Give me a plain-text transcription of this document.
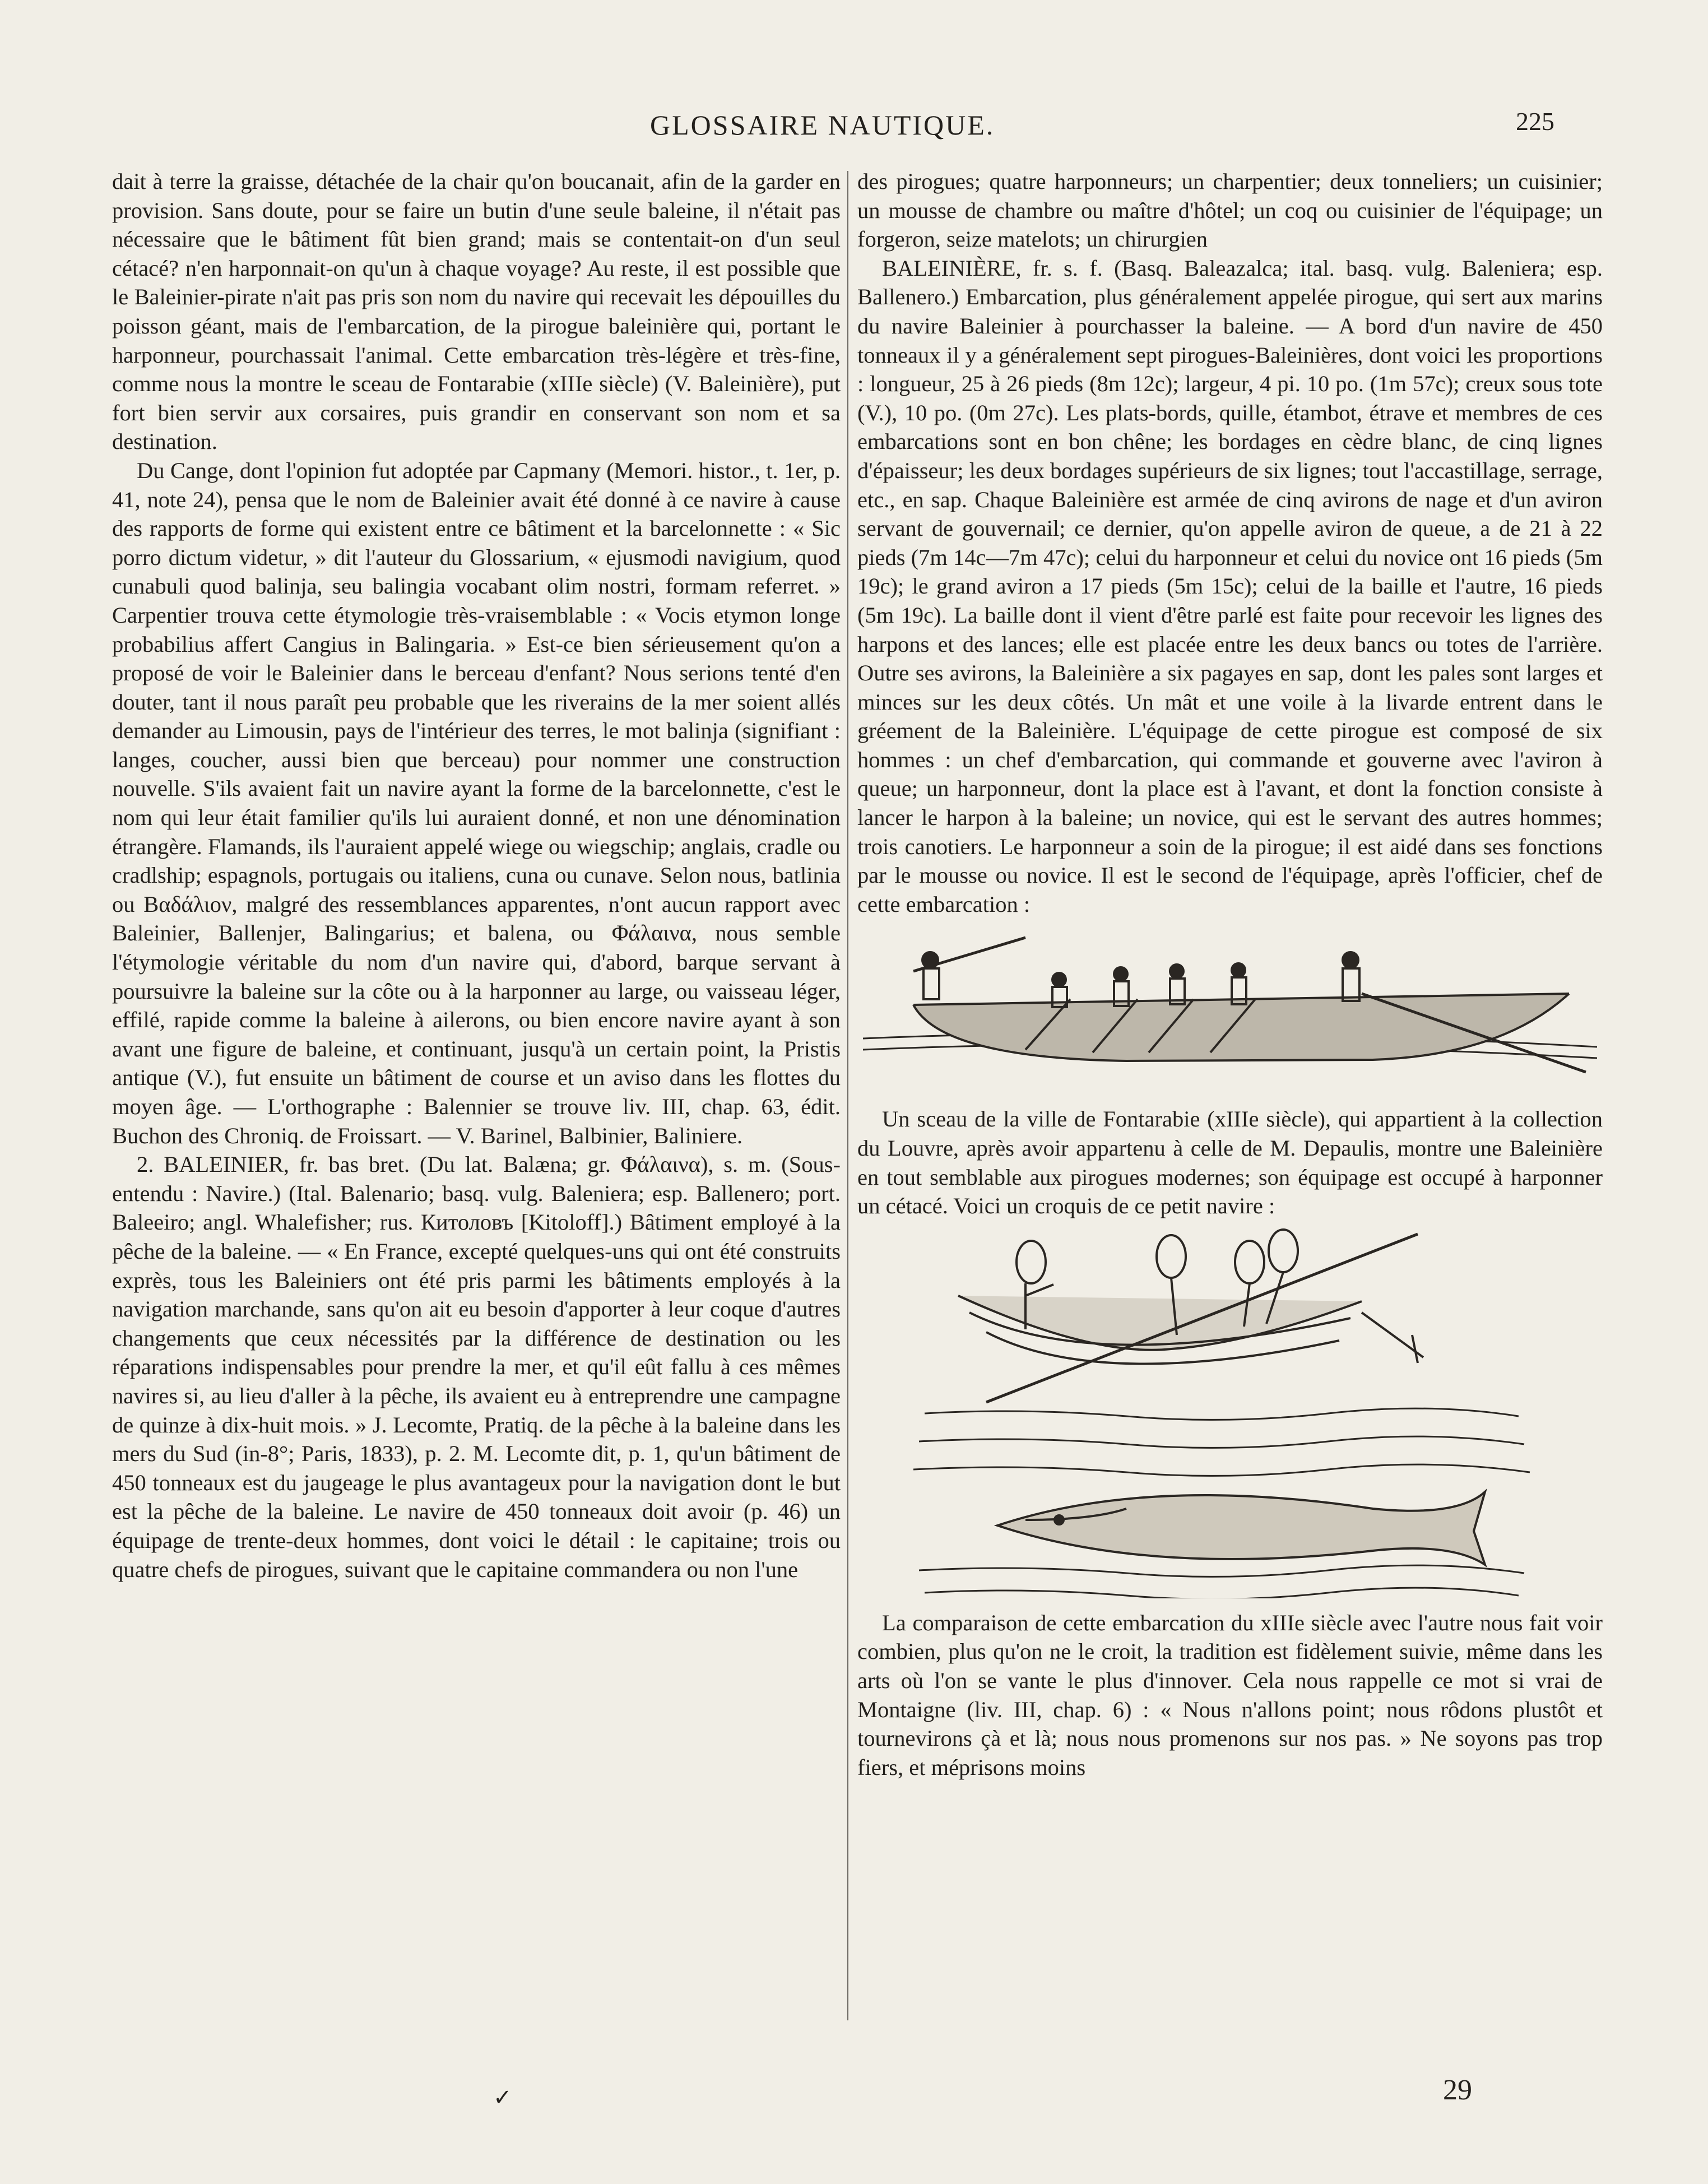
GLOSSAIRE NAUTIQUE.	225

dait à terre la graisse, détachée de la chair qu'on boucanait, afin de la garder en provision. Sans doute, pour se faire un butin d'une seule baleine, il n'était pas nécessaire que le bâtiment fût bien grand; mais se contentait-on d'un seul cétacé? n'en harponnait-on qu'un à chaque voyage? Au reste, il est possible que le Baleinier-pirate n'ait pas pris son nom du navire qui recevait les dépouilles du poisson géant, mais de l'embarcation, de la pirogue baleinière qui, portant le harponneur, pourchassait l'animal. Cette embarcation très-légère et très-fine, comme nous la montre le sceau de Fontarabie (xIIIe siècle) (V. Baleinière), put fort bien servir aux corsaires, puis grandir en conservant son nom et sa destination.

Du Cange, dont l'opinion fut adoptée par Capmany (Memori. histor., t. 1er, p. 41, note 24), pensa que le nom de Baleinier avait été donné à ce navire à cause des rapports de forme qui existent entre ce bâtiment et la barcelonnette : « Sic porro dictum videtur, » dit l'auteur du Glossarium, « ejusmodi navigium, quod cunabuli quod balinja, seu balingia vocabant olim nostri, formam referret. » Carpentier trouva cette étymologie très-vraisemblable : « Vocis etymon longe probabilius affert Cangius in Balingaria. » Est-ce bien sérieusement qu'on a proposé de voir le Baleinier dans le berceau d'enfant? Nous serions tenté d'en douter, tant il nous paraît peu probable que les riverains de la mer soient allés demander au Limousin, pays de l'intérieur des terres, le mot balinja (signifiant : langes, coucher, aussi bien que berceau) pour nommer une construction nouvelle. S'ils avaient fait un navire ayant la forme de la barcelonnette, c'est le nom qui leur était familier qu'ils lui auraient donné, et non une dénomination étrangère. Flamands, ils l'auraient appelé wiege ou wiegschip; anglais, cradle ou cradlship; espagnols, portugais ou italiens, cuna ou cunave. Selon nous, batlinia ou Βαδάλιον, malgré des ressemblances apparentes, n'ont aucun rapport avec Baleinier, Ballenjer, Balingarius; et balena, ou Φάλαινα, nous semble l'étymologie véritable du nom d'un navire qui, d'abord, barque servant à poursuivre la baleine sur la côte ou à la harponner au large, ou vaisseau léger, effilé, rapide comme la baleine à ailerons, ou bien encore navire ayant à son avant une figure de baleine, et continuant, jusqu'à un certain point, la Pristis antique (V.), fut ensuite un bâtiment de course et un aviso dans les flottes du moyen âge. — L'orthographe : Balennier se trouve liv. III, chap. 63, édit. Buchon des Chroniq. de Froissart. — V. Barinel, Balbinier, Baliniere.

2. BALEINIER, fr. bas bret. (Du lat. Balæna; gr. Φάλαινα), s. m. (Sous-entendu : Navire.) (Ital. Balenario; basq. vulg. Baleniera; esp. Ballenero; port. Baleeiro; angl. Whalefisher; rus. Китоловъ [Kitoloff].) Bâtiment employé à la pêche de la baleine. — « En France, excepté quelques-uns qui ont été construits exprès, tous les Baleiniers ont été pris parmi les bâtiments employés à la navigation marchande, sans qu'on ait eu besoin d'apporter à leur coque d'autres changements que ceux nécessités par la différence de destination ou les réparations indispensables pour prendre la mer, et qu'il eût fallu à ces mêmes navires si, au lieu d'aller à la pêche, ils avaient eu à entreprendre une campagne de quinze à dix-huit mois. » J. Lecomte, Pratiq. de la pêche à la baleine dans les mers du Sud (in-8°; Paris, 1833), p. 2. M. Lecomte dit, p. 1, qu'un bâtiment de 450 tonneaux est du jaugeage le plus avantageux pour la navigation dont le but est la pêche de la baleine. Le navire de 450 tonneaux doit avoir (p. 46) un équipage de trente-deux hommes, dont voici le détail : le capitaine; trois ou quatre chefs de pirogues, suivant que le capitaine commandera ou non l'une

des pirogues; quatre harponneurs; un charpentier; deux tonneliers; un cuisinier; un mousse de chambre ou maître d'hôtel; un coq ou cuisinier de l'équipage; un forgeron, seize matelots; un chirurgien

BALEINIÈRE, fr. s. f. (Basq. Baleazalca; ital. basq. vulg. Baleniera; esp. Ballenero.) Embarcation, plus généralement appelée pirogue, qui sert aux marins du navire Baleinier à pourchasser la baleine. — A bord d'un navire de 450 tonneaux il y a généralement sept pirogues-Baleinières, dont voici les proportions : longueur, 25 à 26 pieds (8m 12c); largeur, 4 pi. 10 po. (1m 57c); creux sous tote (V.), 10 po. (0m 27c). Les plats-bords, quille, étambot, étrave et membres de ces embarcations sont en bon chêne; les bordages en cèdre blanc, de cinq lignes d'épaisseur; les deux bordages supérieurs de six lignes; tout l'accastillage, serrage, etc., en sap. Chaque Baleinière est armée de cinq avirons de nage et d'un aviron servant de gouvernail; ce dernier, qu'on appelle aviron de queue, a de 21 à 22 pieds (7m 14c—7m 47c); celui du harponneur et celui du novice ont 16 pieds (5m 19c); le grand aviron a 17 pieds (5m 15c); celui de la baille et l'autre, 16 pieds (5m 19c). La baille dont il vient d'être parlé est faite pour recevoir les lignes des harpons et des lances; elle est placée entre les deux bancs ou totes de l'arrière. Outre ses avirons, la Baleinière a six pagayes en sap, dont les pales sont larges et minces sur les deux côtés. Un mât et une voile à la livarde entrent dans le gréement de la Baleinière. L'équipage de cette pirogue est composé de six hommes : un chef d'embarcation, qui commande et gouverne avec l'aviron à queue; un harponneur, dont la place est à l'avant, et dont la fonction consiste à lancer le harpon à la baleine; un novice, qui est le servant des autres hommes; trois canotiers. Le harponneur a soin de la pirogue; il est aidé dans ses fonctions par le mousse ou novice. Il est le second de l'équipage, après l'officier, chef de cette embarcation :

Un sceau de la ville de Fontarabie (xIIIe siècle), qui appartient à la collection du Louvre, après avoir appartenu à celle de M. Depaulis, montre une Baleinière en tout semblable aux pirogues modernes; son équipage est occupé à harponner un cétacé. Voici un croquis de ce petit navire :

La comparaison de cette embarcation du xIIIe siècle avec l'autre nous fait voir combien, plus qu'on ne le croit, la tradition est fidèlement suivie, même dans les arts où l'on se vante le plus d'innover. Cela nous rappelle ce mot si vrai de Montaigne (liv. III, chap. 6) : « Nous n'allons point; nous rôdons plustôt et tournevirons çà et là; nous nous promenons sur nos pas. » Ne soyons pas trop fiers, et méprisons moins

✓	29
